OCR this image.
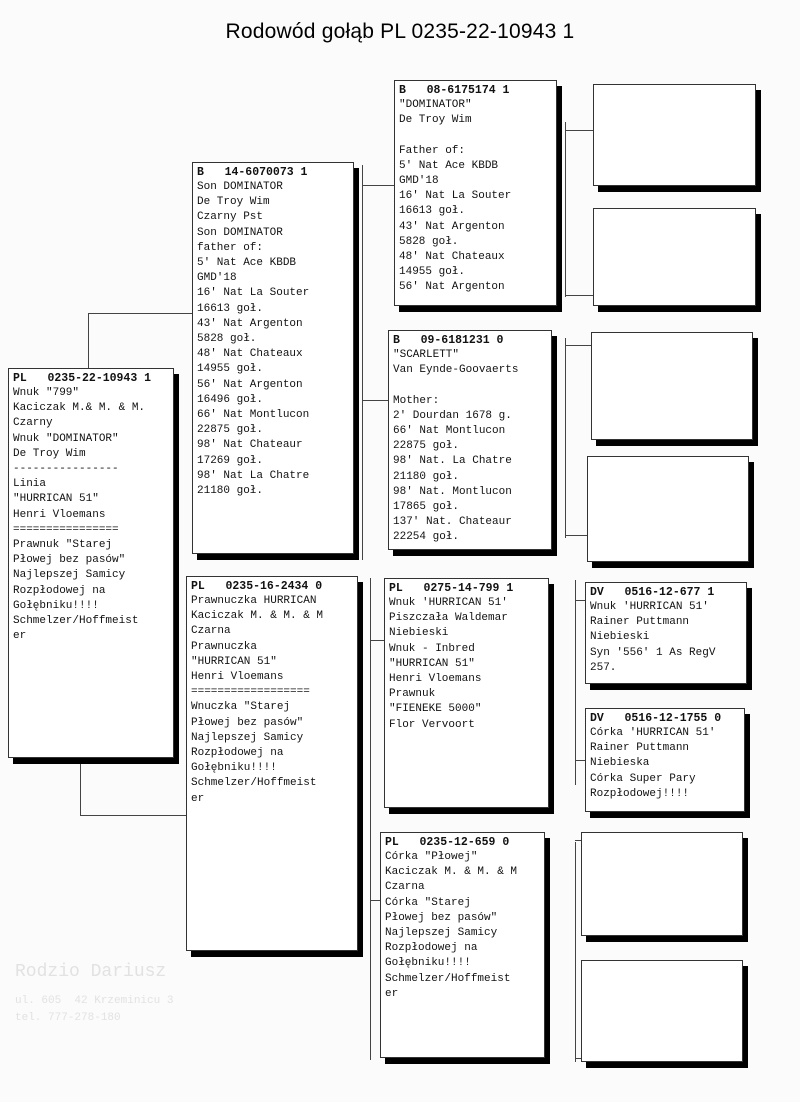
Rodowód gołąb PL 0235-22-10943 1
Rodzio Dariusz
ul. 605  42 Krzeminicu 3
tel. 777-278-180
PL   0235-22-10943 1
Wnuk "799"
Kaciczak M.& M. & M.
Czarny
Wnuk "DOMINATOR"
De Troy Wim
----------------
Linia
"HURRICAN 51"
Henri Vloemans
================
Prawnuk "Starej
Płowej bez pasów"
Najlepszej Samicy
Rozpłodowej na
Gołębniku!!!!
Schmelzer/Hoffmeist
er
B   14-6070073 1
Son DOMINATOR
De Troy Wim
Czarny Pst
Son DOMINATOR
father of:
5' Nat Ace KBDB
GMD'18
16' Nat La Souter
16613 goł.
43' Nat Argenton
5828 goł.
48' Nat Chateaux
14955 goł.
56' Nat Argenton
16496 goł.
66' Nat Montlucon
22875 goł.
98' Nat Chateaur
17269 goł.
98' Nat La Chatre
21180 goł.
PL   0235-16-2434 0
Prawnuczka HURRICAN
Kaciczak M. & M. & M
Czarna
Prawnuczka
"HURRICAN 51"
Henri Vloemans
==================
Wnuczka "Starej
Płowej bez pasów"
Najlepszej Samicy
Rozpłodowej na
Gołębniku!!!!
Schmelzer/Hoffmeist
er
B   08-6175174 1
"DOMINATOR"
De Troy Wim

Father of:
5' Nat Ace KBDB
GMD'18
16' Nat La Souter
16613 goł.
43' Nat Argenton
5828 goł.
48' Nat Chateaux
14955 goł.
56' Nat Argenton
B   09-6181231 0
"SCARLETT"
Van Eynde-Goovaerts

Mother:
2' Dourdan 1678 g.
66' Nat Montlucon
22875 goł.
98' Nat. La Chatre
21180 goł.
98' Nat. Montlucon
17865 goł.
137' Nat. Chateaur
22254 goł.
PL   0275-14-799 1
Wnuk 'HURRICAN 51'
Piszczała Waldemar
Niebieski
Wnuk - Inbred
"HURRICAN 51"
Henri Vloemans
Prawnuk
"FIENEKE 5000"
Flor Vervoort
PL   0235-12-659 0
Córka "Płowej"
Kaciczak M. & M. & M
Czarna
Córka "Starej
Płowej bez pasów"
Najlepszej Samicy
Rozpłodowej na
Gołębniku!!!!
Schmelzer/Hoffmeist
er
DV   0516-12-677 1
Wnuk 'HURRICAN 51'
Rainer Puttmann
Niebieski
Syn '556' 1 As RegV
257.
DV   0516-12-1755 0
Córka 'HURRICAN 51'
Rainer Puttmann
Niebieska
Córka Super Pary
Rozpłodowej!!!!
